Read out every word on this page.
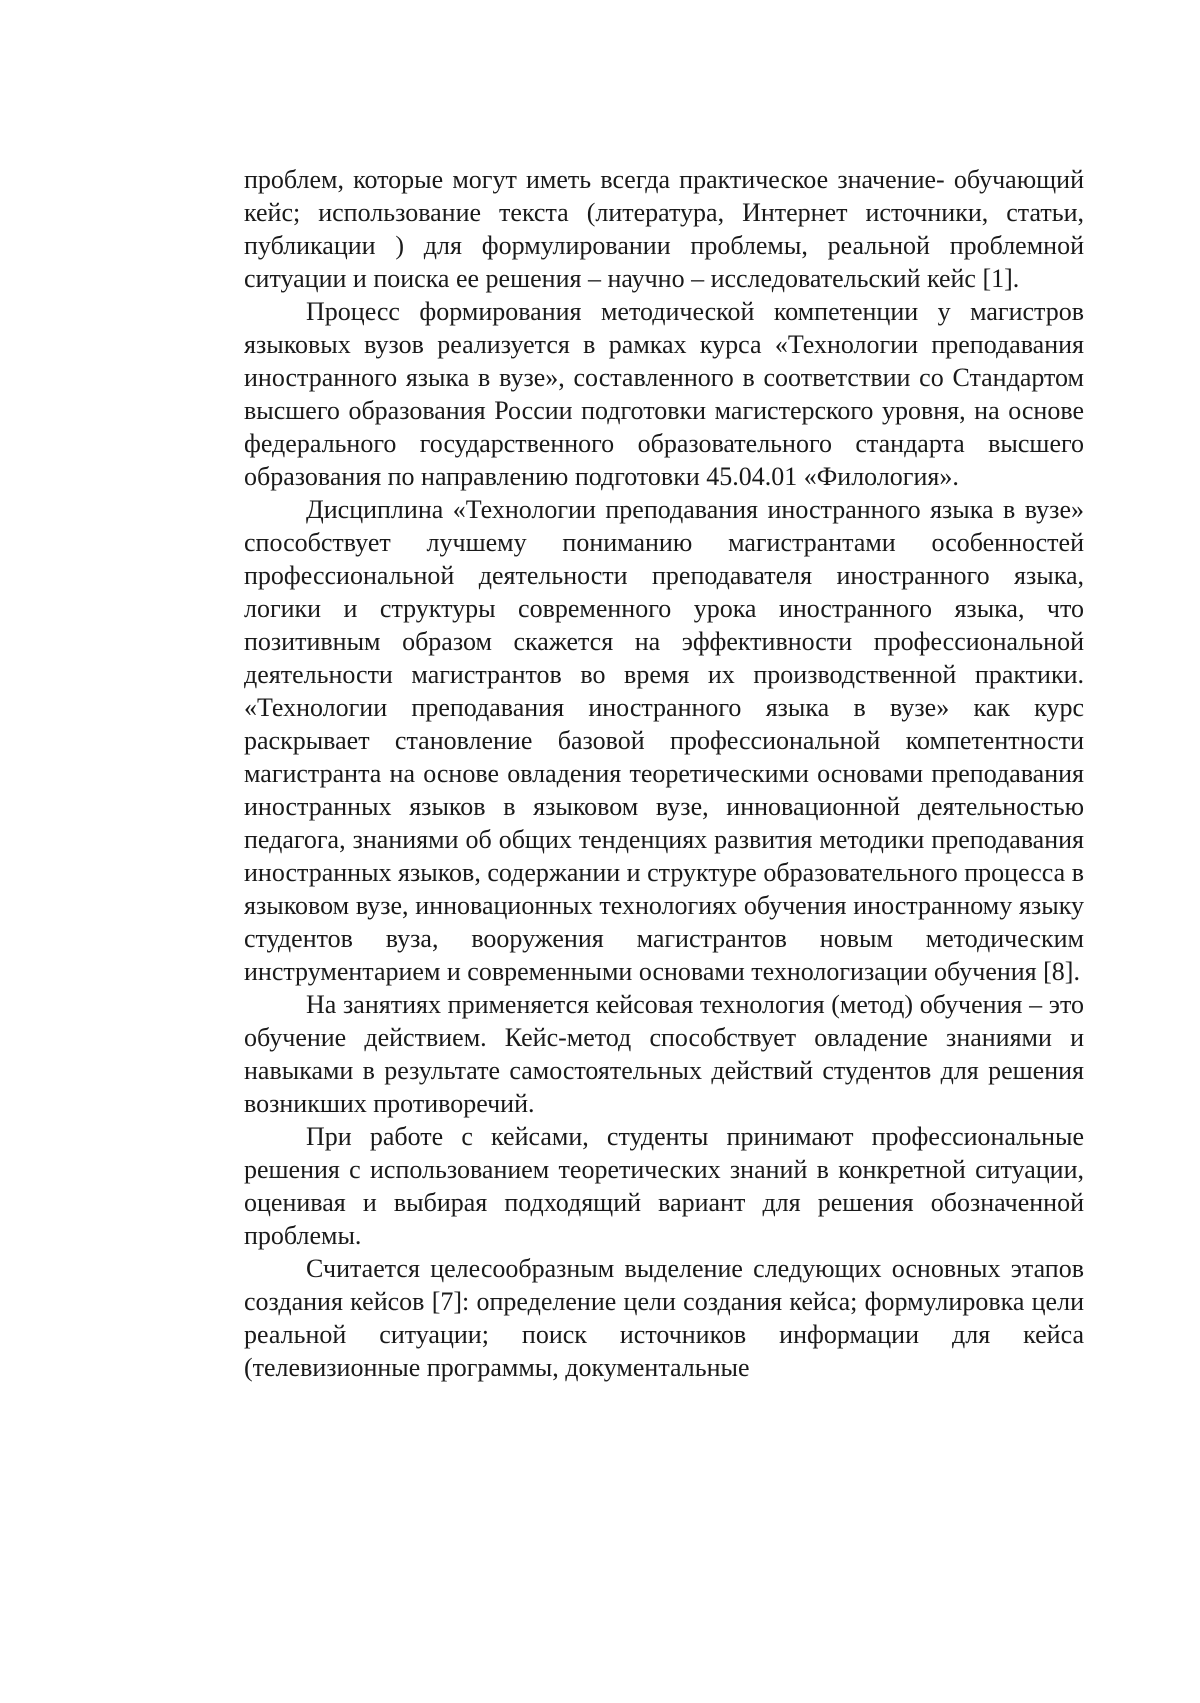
проблем, которые могут иметь всегда практическое значение- обучающий кейс; использование текста (литература, Интернет источники, статьи, публикации ) для формулировании проблемы, реальной проблемной ситуации и поиска ее решения – научно – исследовательский кейс [1].

Процесс формирования методической компетенции у магистров языковых вузов реализуется в рамках курса «Технологии преподавания иностранного языка в вузе», составленного в соответствии со Стандартом высшего образования России подготовки магистерского уровня, на основе федерального государственного образовательного стандарта высшего образования по направлению подготовки 45.04.01 «Филология».

Дисциплина «Технологии преподавания иностранного языка в вузе» способствует лучшему пониманию магистрантами особенностей профессиональной деятельности преподавателя иностранного языка, логики и структуры современного урока иностранного языка, что позитивным образом скажется на эффективности профессиональной деятельности магистрантов во время их производственной практики. «Технологии преподавания иностранного языка в вузе» как курс раскрывает становление базовой профессиональной компетентности магистранта на основе овладения теоретическими основами преподавания иностранных языков в языковом вузе, инновационной деятельностью педагога, знаниями об общих тенденциях развития методики преподавания иностранных языков, содержании и структуре образовательного процесса в языковом вузе, инновационных технологиях обучения иностранному языку студентов вуза, вооружения магистрантов новым методическим инструментарием и современными основами технологизации обучения [8].

На занятиях применяется кейсовая технология (метод) обучения – это обучение действием. Кейс-метод способствует овладение знаниями и навыками в результате самостоятельных действий студентов для решения возникших противоречий.

При работе с кейсами, студенты принимают профессиональные решения с использованием теоретических знаний в конкретной ситуации, оценивая и выбирая подходящий вариант для решения обозначенной проблемы.

Считается целесообразным выделение следующих основных этапов создания кейсов [7]: определение цели создания кейса; формулировка цели реальной ситуации; поиск источников информации для кейса (телевизионные программы, документальные
